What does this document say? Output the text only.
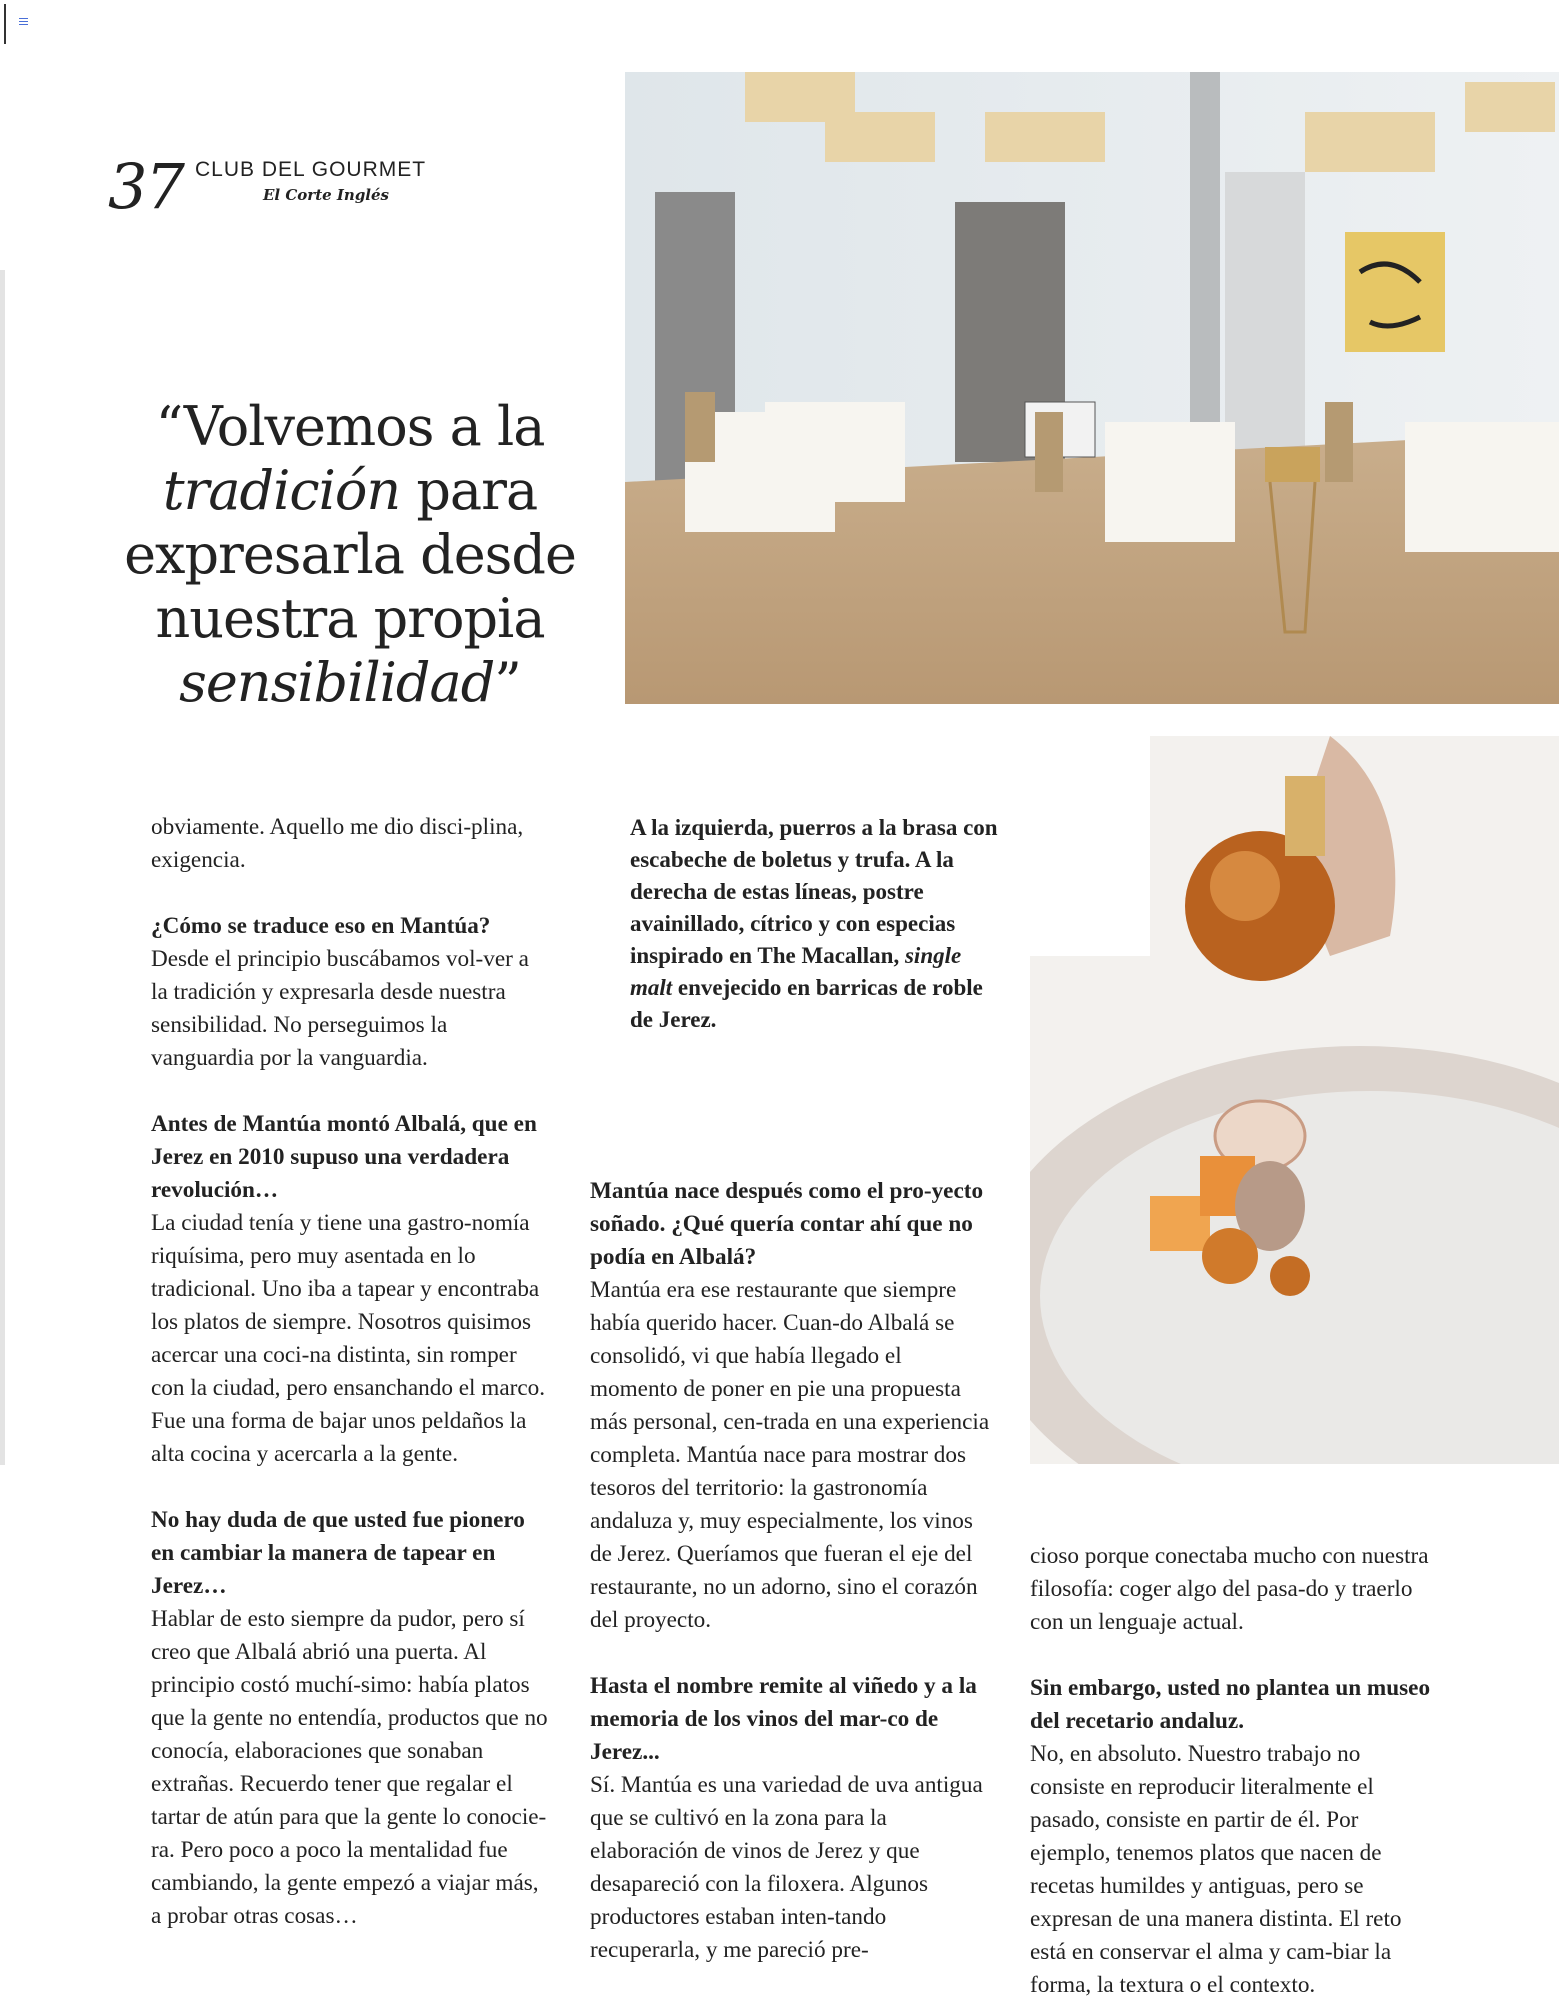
37 CLUB DEL GOURMET
El Corte Inglés
“Volvemos a la
tradición para
expresarla desde
nuestra propia
sensibilidad”

obviamente. Aquello me dio disci-plina, exigencia.

¿Cómo se traduce eso en Mantúa?

Desde el principio buscábamos vol-ver a la tradición y expresarla desde nuestra sensibilidad. No perseguimos la vanguardia por la vanguardia.

Antes de Mantúa montó Albalá, que en Jerez en 2010 supuso una verdadera revolución…

La ciudad tenía y tiene una gastro-nomía riquísima, pero muy asentada en lo tradicional. Uno iba a tapear y encontraba los platos de siempre. Nosotros quisimos acercar una coci-na distinta, sin romper con la ciudad, pero ensanchando el marco. Fue una forma de bajar unos peldaños la alta cocina y acercarla a la gente.

No hay duda de que usted fue pionero en cambiar la manera de tapear en Jerez…

Hablar de esto siempre da pudor, pero sí creo que Albalá abrió una puerta. Al principio costó muchí-simo: había platos que la gente no entendía, productos que no conocía, elaboraciones que sonaban extrañas. Recuerdo tener que regalar el tartar de atún para que la gente lo conocie-ra. Pero poco a poco la mentalidad fue cambiando, la gente empezó a viajar más, a probar otras cosas…

A la izquierda, puerros a la brasa con escabeche de boletus y trufa. A la derecha de estas líneas, postre avainillado, cítrico y con especias inspirado en The Macallan, single malt envejecido en barricas de roble de Jerez.

Mantúa nace después como el pro-yecto soñado. ¿Qué quería contar ahí que no podía en Albalá?

Mantúa era ese restaurante que siempre había querido hacer. Cuan-do Albalá se consolidó, vi que había llegado el momento de poner en pie una propuesta más personal, cen-trada en una experiencia completa. Mantúa nace para mostrar dos tesoros del territorio: la gastronomía andaluza y, muy especialmente, los vinos de Jerez. Queríamos que fueran el eje del restaurante, no un adorno, sino el corazón del proyecto.

Hasta el nombre remite al viñedo y a la memoria de los vinos del mar-co de Jerez...

Sí. Mantúa es una variedad de uva antigua que se cultivó en la zona para la elaboración de vinos de Jerez y que desapareció con la filoxera. Algunos productores estaban inten-tando recuperarla, y me pareció pre-

cioso porque conectaba mucho con nuestra filosofía: coger algo del pasa-do y traerlo con un lenguaje actual.

Sin embargo, usted no plantea un museo del recetario andaluz.

No, en absoluto. Nuestro trabajo no consiste en reproducir literalmente el pasado, consiste en partir de él. Por ejemplo, tenemos platos que nacen de recetas humildes y antiguas, pero se expresan de una manera distinta. El reto está en conservar el alma y cam-biar la forma, la textura o el contexto.
